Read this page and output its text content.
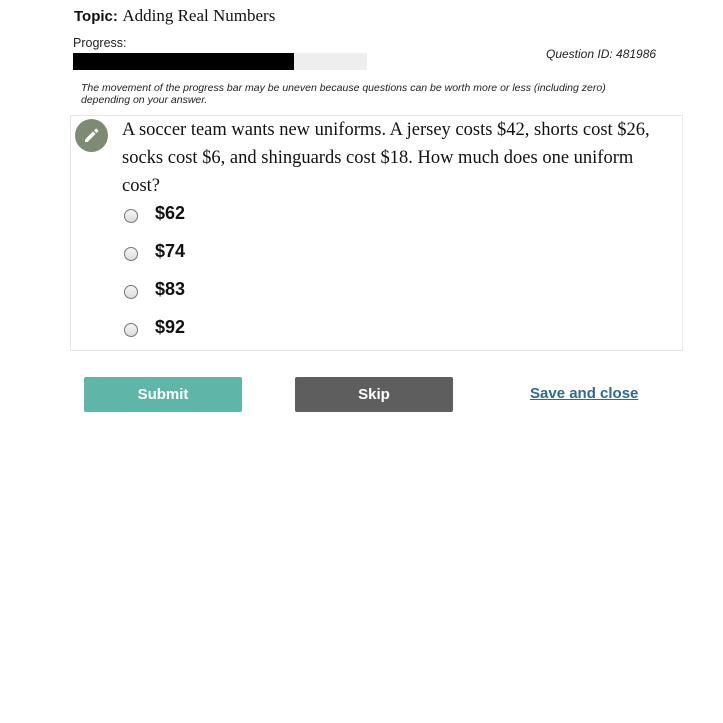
Topic: Adding Real Numbers
Progress:
Question ID: 481986
The movement of the progress bar may be uneven because questions can be worth more or less (including zero) depending on your answer.
A soccer team wants new uniforms. A jersey costs $42, shorts cost $26, socks cost $6, and shinguards cost $18. How much does one uniform cost?
$62
$74
$83
$92
Submit	Skip	Save and close
